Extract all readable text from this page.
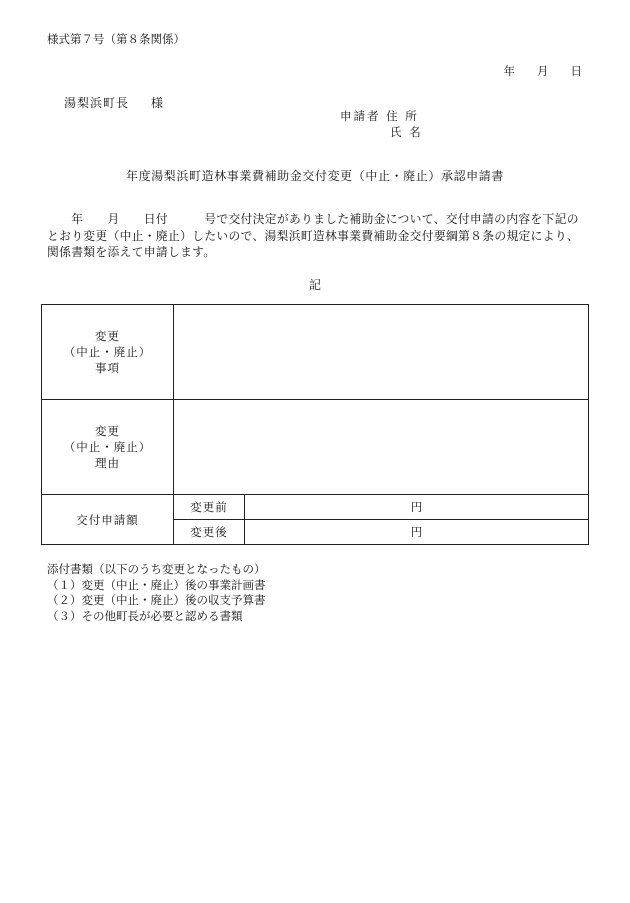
様式第７号（第８条関係）
年 月 日
湯梨浜町長 様
申請者 住 所
氏 名
年度湯梨浜町造林事業費補助金交付変更（中止・廃止）承認申請書
　　年　　月　　日付　　　号で交付決定がありました補助金について、交付申請の内容を下記のとおり変更（中止・廃止）したいので、湯梨浜町造林事業費補助金交付要綱第８条の規定により、関係書類を添えて申請します。
記
変更
（中止・廃止）
事項		

変更
（中止・廃止）
理由		

交付申請額	変更前	円
	変更後	円
添付書類（以下のうち変更となったもの）
（１）変更（中止・廃止）後の事業計画書
（２）変更（中止・廃止）後の収支予算書
（３）その他町長が必要と認める書類
